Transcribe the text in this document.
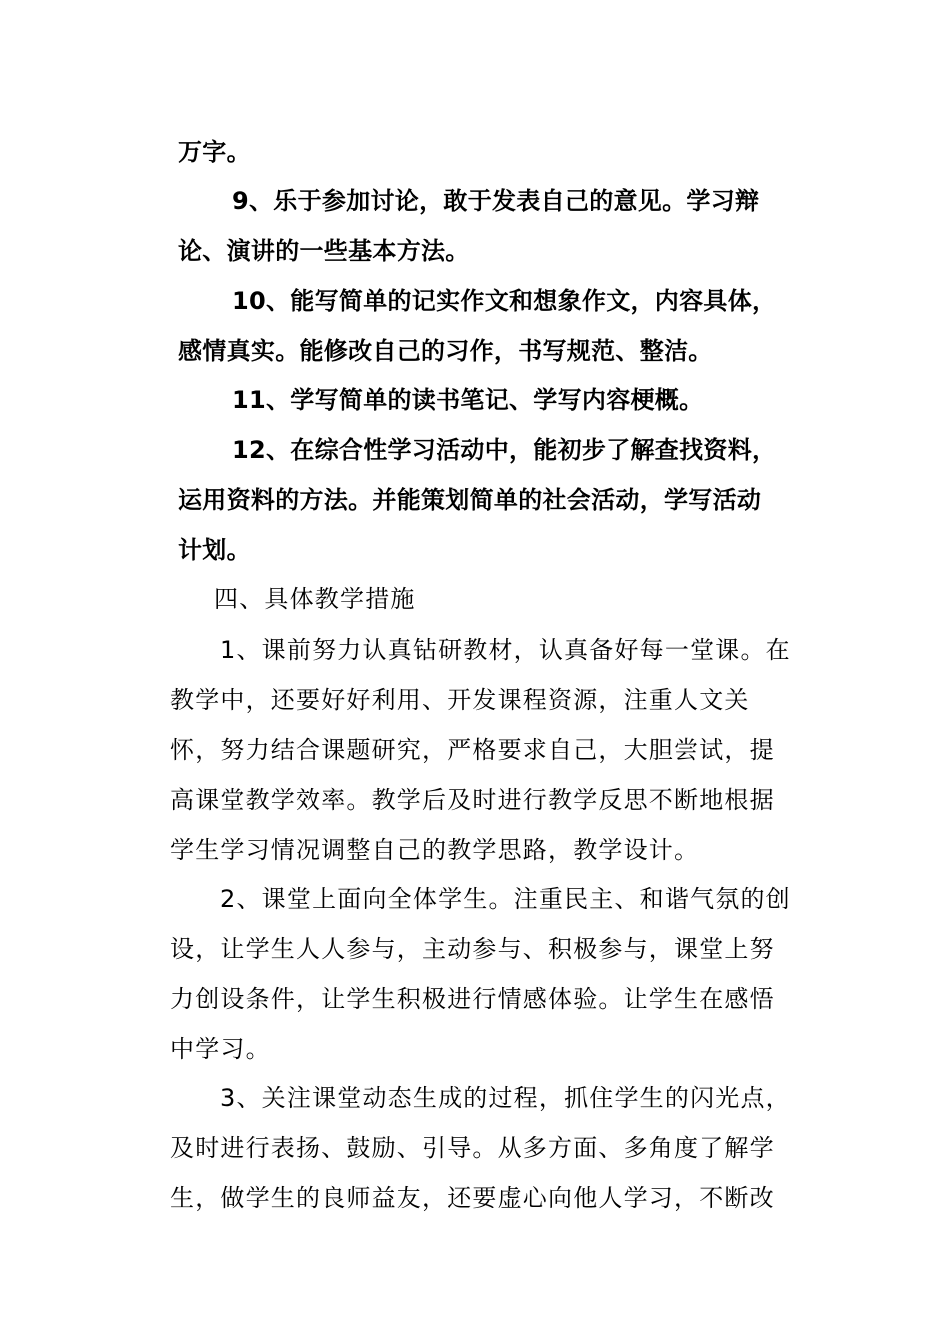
万字。
9、乐于参加讨论，敢于发表自己的意见。学习辩
论、演讲的一些基本方法。
10、能写简单的记实作文和想象作文，内容具体，
感情真实。能修改自己的习作，书写规范、整洁。
11、学写简单的读书笔记、学写内容梗概。
12、在综合性学习活动中，能初步了解查找资料，
运用资料的方法。并能策划简单的社会活动，学写活动
计划。
四、具体教学措施
1、课前努力认真钻研教材，认真备好每一堂课。在
教学中，还要好好利用、开发课程资源，注重人文关
怀，努力结合课题研究，严格要求自己，大胆尝试，提
高课堂教学效率。教学后及时进行教学反思不断地根据
学生学习情况调整自己的教学思路，教学设计。
2、课堂上面向全体学生。注重民主、和谐气氛的创
设，让学生人人参与，主动参与、积极参与，课堂上努
力创设条件，让学生积极进行情感体验。让学生在感悟
中学习。
3、关注课堂动态生成的过程，抓住学生的闪光点，
及时进行表扬、鼓励、引导。从多方面、多角度了解学
生，做学生的良师益友，还要虚心向他人学习，不断改
